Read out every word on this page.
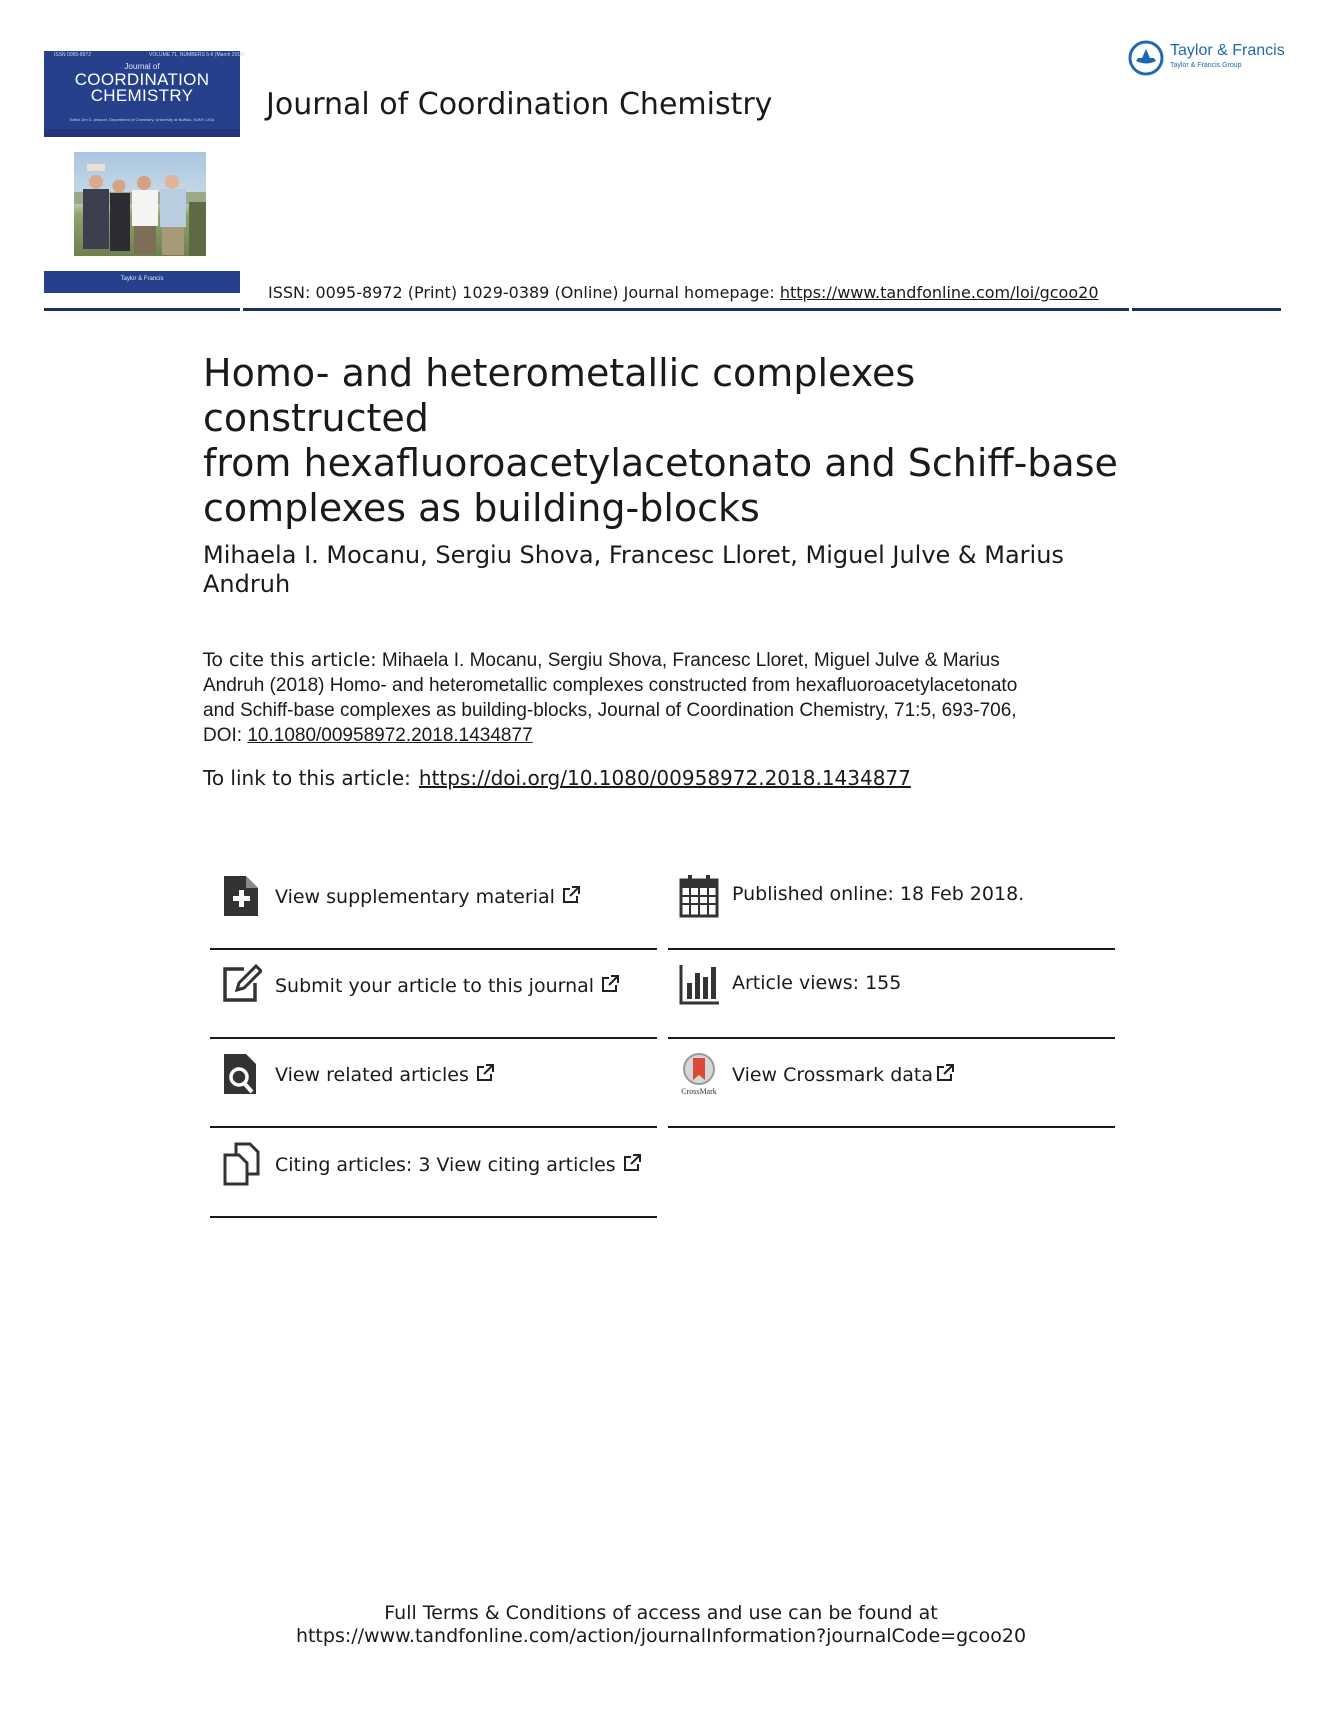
ISSN 0095-8972	VOLUME 71, NUMBERS 5-6 (March 2018)
Journal of
COORDINATION
CHEMISTRY
Editor Jim D. Atwood, Department of Chemistry, University at Buffalo, SUNY, USA
Taylor & Francis
Journal of Coordination Chemistry
Taylor & Francis
Taylor & Francis Group
ISSN: 0095-8972 (Print) 1029-0389 (Online) Journal homepage: https://www.tandfonline.com/loi/gcoo20
Homo- and heterometallic complexes constructed
from hexafluoroacetylacetonato and Schiff-base
complexes as building-blocks
Mihaela I. Mocanu, Sergiu Shova, Francesc Lloret, Miguel Julve & Marius
Andruh
To cite this article: Mihaela I. Mocanu, Sergiu Shova, Francesc Lloret, Miguel Julve & Marius
Andruh (2018) Homo- and heterometallic complexes constructed from hexafluoroacetylacetonato
and Schiff-base complexes as building-blocks, Journal of Coordination Chemistry, 71:5, 693-706,
DOI: 10.1080/00958972.2018.1434877
To link to this article: https://doi.org/10.1080/00958972.2018.1434877
View supplementary material
Submit your article to this journal
View related articles
Citing articles: 3 View citing articles
Published online: 18 Feb 2018.
Article views: 155
CrossMark
View Crossmark data
Full Terms & Conditions of access and use can be found at
https://www.tandfonline.com/action/journalInformation?journalCode=gcoo20
